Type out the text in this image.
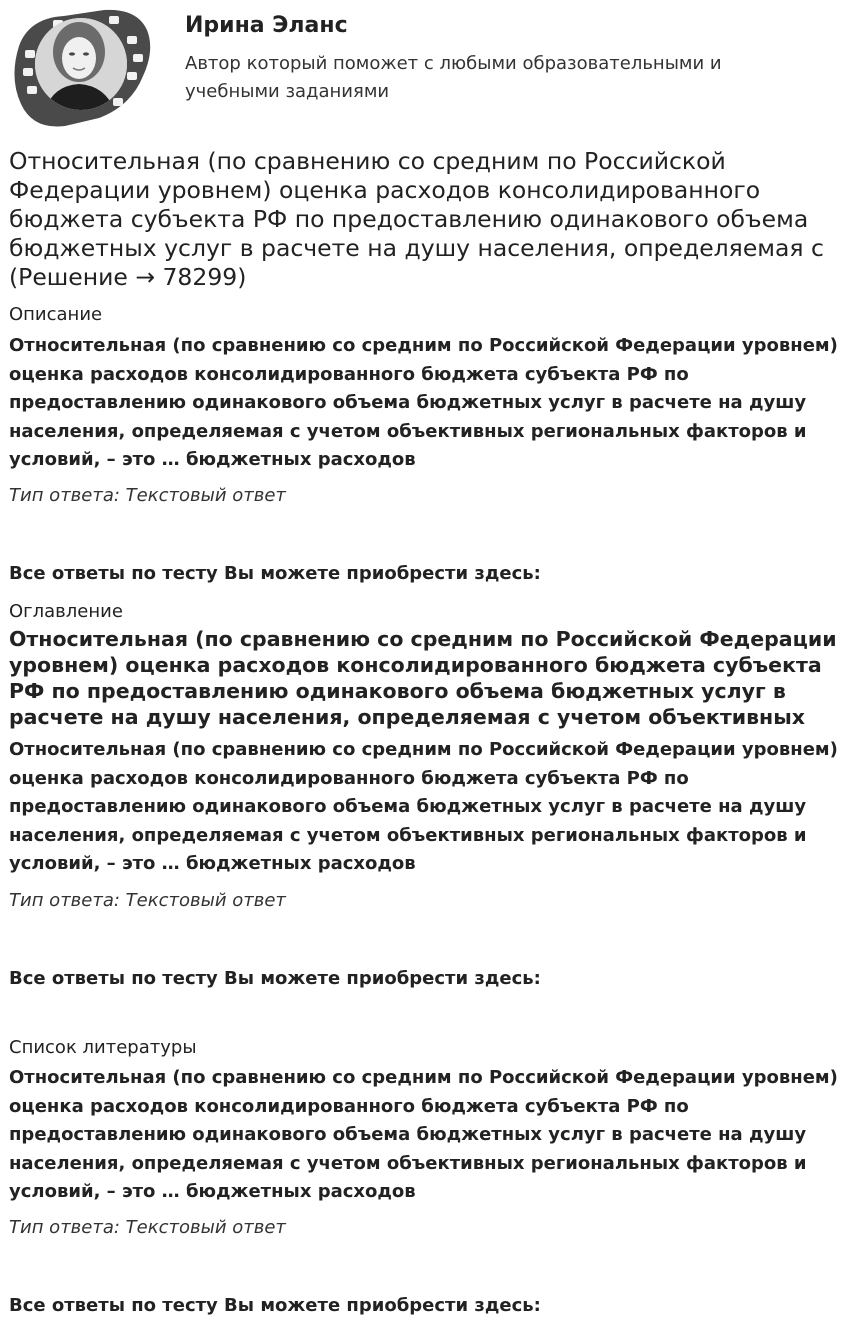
Ирина Эланс
Автор который поможет с любыми образовательными и учебными заданиями
Относительная (по сравнению со средним по Российской Федерации уровнем) оценка расходов консолидированного бюджета субъекта РФ по предоставлению одинакового объема бюджетных услуг в расчете на душу населения, определяемая с (Решение → 78299)
Описание

Относительная (по сравнению со средним по Российской Федерации уровнем) оценка расходов консолидированного бюджета субъекта РФ по предоставлению одинакового объема бюджетных услуг в расчете на душу населения, определяемая с учетом объективных региональных факторов и условий, – это … бюджетных расходов

Тип ответа: Текстовый ответ
Все ответы по тесту Вы можете приобрести здесь:
Оглавление
Относительная (по сравнению со средним по Российской Федерации уровнем) оценка расходов консолидированного бюджета субъекта РФ по предоставлению одинакового объема бюджетных услуг в расчете на душу населения, определяемая с учетом объективных

Относительная (по сравнению со средним по Российской Федерации уровнем) оценка расходов консолидированного бюджета субъекта РФ по предоставлению одинакового объема бюджетных услуг в расчете на душу населения, определяемая с учетом объективных региональных факторов и условий, – это … бюджетных расходов

Тип ответа: Текстовый ответ
Все ответы по тесту Вы можете приобрести здесь:
Список литературы

Относительная (по сравнению со средним по Российской Федерации уровнем) оценка расходов консолидированного бюджета субъекта РФ по предоставлению одинакового объема бюджетных услуг в расчете на душу населения, определяемая с учетом объективных региональных факторов и условий, – это … бюджетных расходов

Тип ответа: Текстовый ответ
Все ответы по тесту Вы можете приобрести здесь:
